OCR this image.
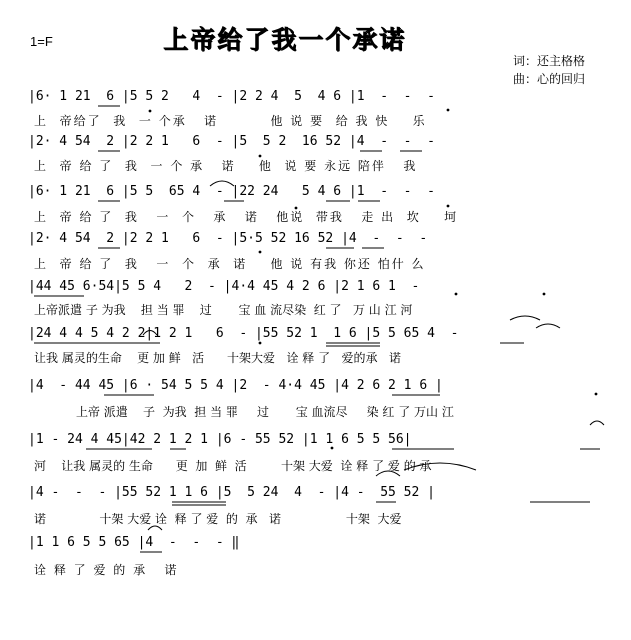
1=F	上帝给了我一个承诺
词：还主格格
曲：心的回归

|6· 1 21  6 |5 5 2   4  - |2 2 4  5  4 6 |1  -  -  -

上  帝给了  我  一 个承   诺         他 说 要  给 我 快    乐

|2· 4 54  2 |2 2 1   6  - |5  5 2  16 52 |4  -  -  -

上  帝 给 了  我  一 个 承   诺    他  说 要 永远 陪伴   我

|6· 1 21  6 |5 5  65 4  - |22 24   5 4 6 |1  -  -  -

上  帝 给 了  我   一  个   承   诺   他说  带我   走 出  坎    坷

|2· 4 54  2 |2 2 1   6  - |5·5 52 16 52 |4  -  -  -

上  帝 给 了  我   一  个  承  诺    他 说 有我 你还 怕什 么

|44 45 6·54|5 5 4   2  - |4·4 45 4 2 6 |2 1 6 1  -

上帝派遣 子 为我    担 当 罪    过       宝 血 流尽染  红 了   万 山 江 河

|24 4 4 5 4 2 2|1 2 1   6  - |55 52 1  1 6 |5 5 65 4  -

让我 属灵的生命    更 加 鲜   活      十架大爱   诠 释 了   爱的承   诺

|4  - 44 45 |6 · 54 5 5 4 |2  - 4·4 45 |4 2 6 2 1 6 |

上帝 派遣    子  为我  担 当 罪     过       宝 血流尽     染 红 了 万山 江

|1 - 24 4 45|42 2 1 2 1 |6 - 55 52 |1 1 6 5 5 56|

河    让我 属灵的 生命      更  加  鲜  活         十架 大爱  诠 释 了 爱 的 承

|4 -  -  - |55 52 1 1 6 |5  5 24  4  - |4 -  55 52 |

诺              十架 大爱 诠  释 了 爱  的  承   诺                 十架  大爱

|1 1 6 5 5 65 |4  -  -  - ‖

诠 释 了 爱 的 承   诺
